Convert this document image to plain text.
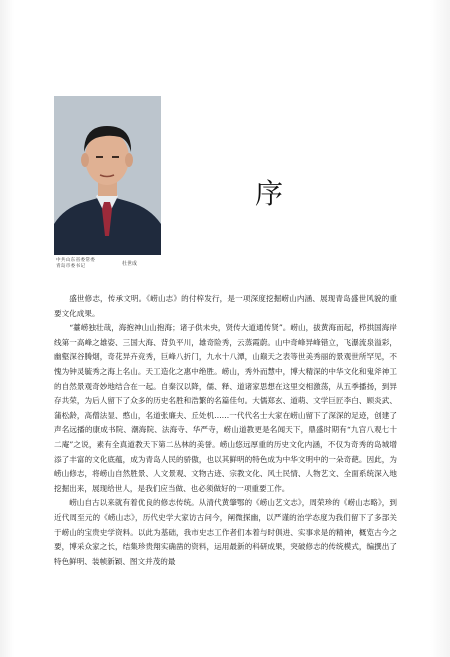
中共山东省委常委
青岛市委书记	杜世成
序

盛世修志，传承文明。《崂山志》的付梓发行，是一项深度挖掘崂山内涵、展现青岛盛世风貌的重要文化成果。

“薹崂独壮哉，海抱神山山抱海；诸子供未央，贤传大道通传贤”。崂山，拔黄海而起，栉拱国海岸线第一高峰之雄姿、三国大海、背负平川，雄奇险秀，云蒸霞蔚。山中奇峰异峰错立，飞瀑流泉溢彩，幽壑深谷腾烟，奇花异卉竞秀，巨峰八折门，九水十八潭，山巅天之表等世美秀丽的景观世所罕见，不愧为钟灵毓秀之海上名山。天工造化之惠中绝胜。崂山，秀外而慧中，博大精深的中华文化和鬼斧神工的自然景观奇妙地结合在一起。自秦汉以降，儒、释、道诸家思想在这里交相激荡，从五季播扬，到异存共荣，为后人留下了众多的历史名胜和浩繁的名篇佳句。大儒郑玄、道萌、文学巨匠李白、顾炎武、蒲松龄，高僧法显、憨山，名道张廉夫、丘处机……一代代名士大家在崂山留下了深深的足迹，创建了声名远播的康成书院、潮海院、法海寺、华严寺，崂山道教更是名闻天下，鼎盛时期有“九宫八观七十二庵”之说，素有全真道教天下第二丛林的美誉。崂山悠远厚重的历史文化内涵，不仅为奇秀的岛城增添了丰富的文化底蕴，成为青岛人民的骄傲，也以其鲜明的特色成为中华文明中的一朵奇葩。因此，为崂山修志，将崂山自然胜景、人文景观、文物古迹、宗教文化、风土民情、人物艺文、全面系统深入地挖掘出来，展现给世人，是我们应当做、也必须做好的一项重要工作。

崂山自古以来就有着优良的修志传统。从清代黄肇鄂的《崂山艺文志》，周荣珍的《崂山志略》，到近代周至元的《崂山志》，历代史学大家访古问今，阐微探幽，以严谨的治学态度为我们留下了多部关于崂山的宝贵史学资料。以此为基础，我市史志工作者们本着与时俱进、实事求是的精神，概览古今之要，博采众家之长，结集珍贵翔实确凿的资料，运用最新的科研成果，突破修志的传统模式，编撰出了特色鲜明、装帧新颖、图文并茂的最
